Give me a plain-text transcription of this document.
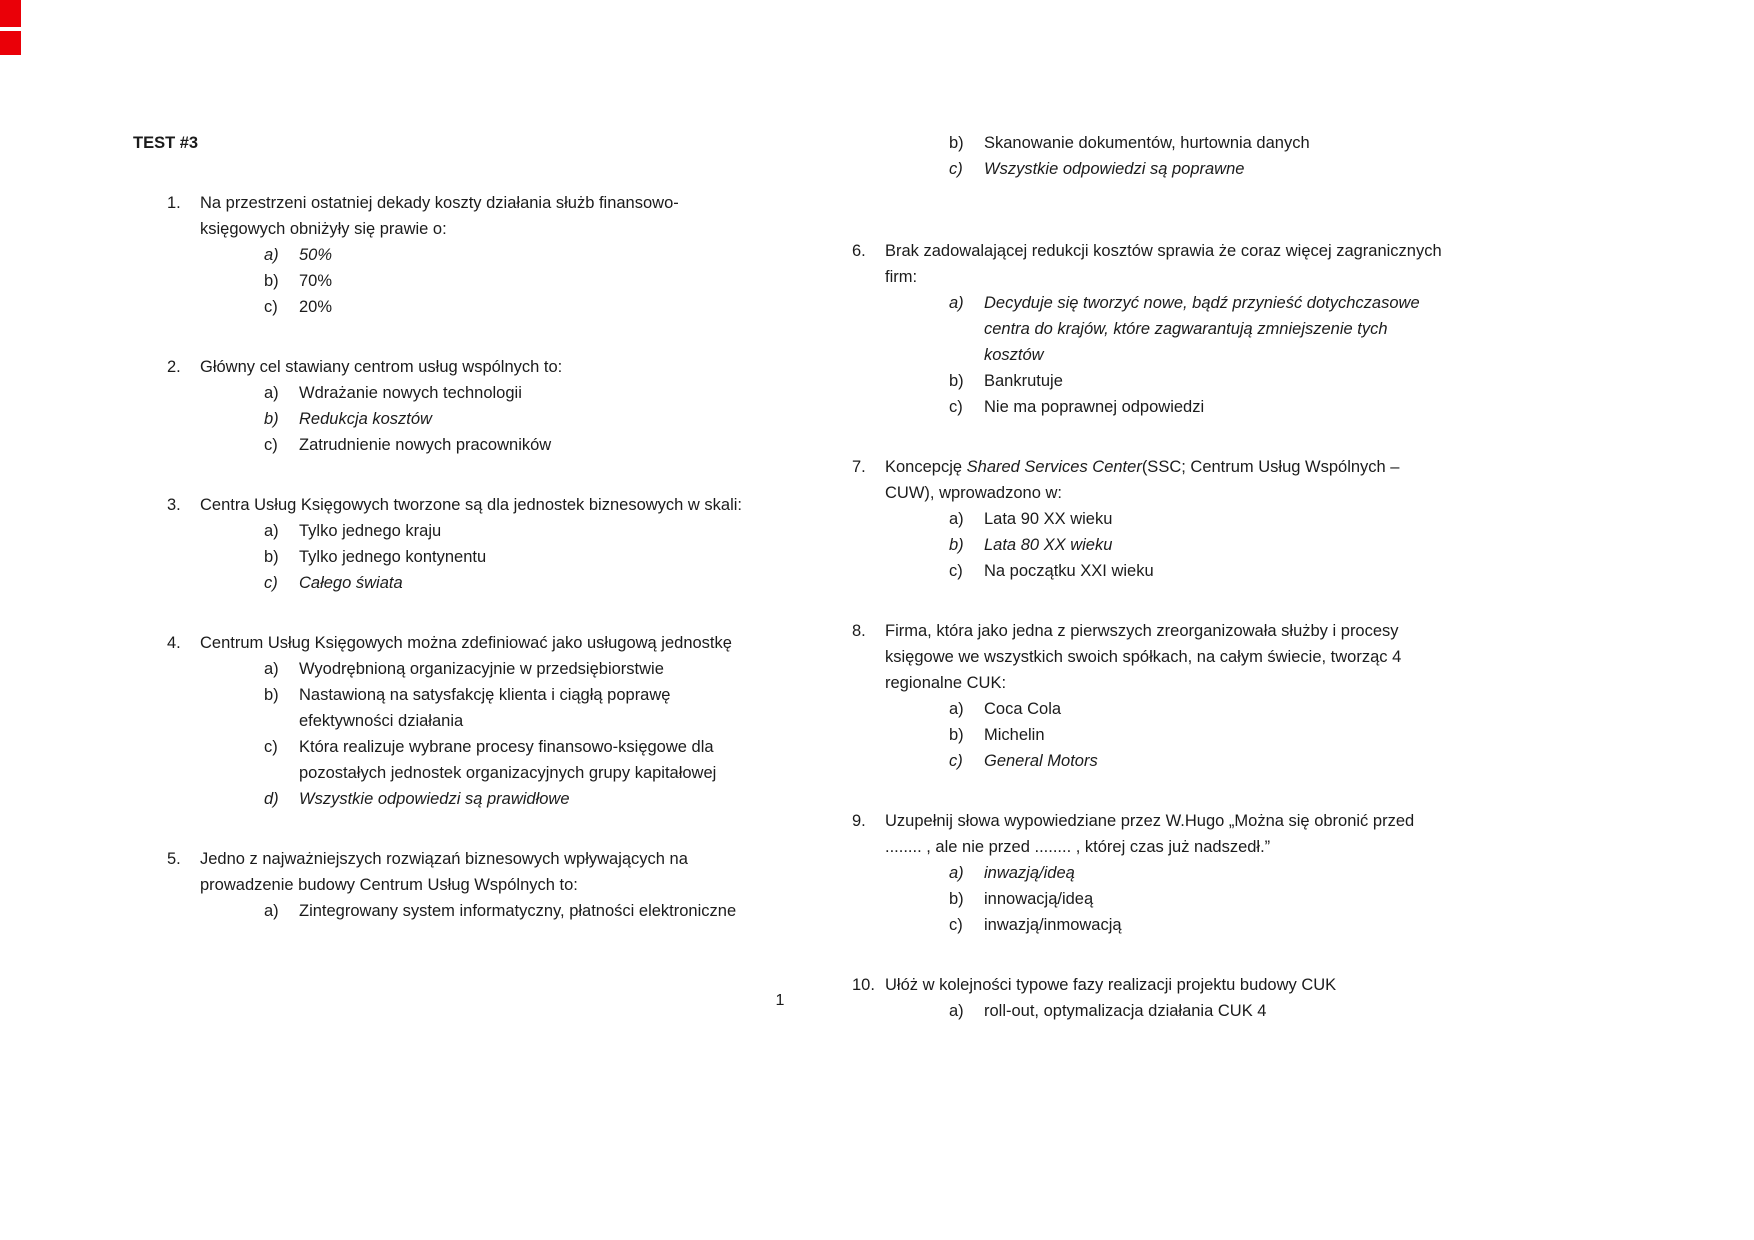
TEST #3
1.	Na przestrzeni ostatniej dekady koszty działania służb finansowo-księgowych obniżyły się prawie o:
a)	50%
b)	70%
c)	20%
2.	Główny cel stawiany centrom usług wspólnych to:
a)	Wdrażanie nowych technologii
b)	Redukcja kosztów
c)	Zatrudnienie nowych pracowników
3.	Centra Usług Księgowych tworzone są dla jednostek biznesowych w skali:
a)	Tylko jednego kraju
b)	Tylko jednego kontynentu
c)	Całego świata
4.	Centrum Usług Księgowych można zdefiniować jako usługową jednostkę
a)	Wyodrębnioną organizacyjnie w przedsiębiorstwie
b)	Nastawioną na satysfakcję klienta i ciągłą poprawę efektywności działania
c)	Która realizuje wybrane procesy finansowo-księgowe dla pozostałych jednostek organizacyjnych grupy kapitałowej
d)	Wszystkie odpowiedzi są prawidłowe
5.	Jedno z najważniejszych rozwiązań biznesowych wpływających na prowadzenie budowy Centrum Usług Wspólnych to:
a)	Zintegrowany system informatyczny, płatności elektroniczne
b)	Skanowanie dokumentów, hurtownia danych
c)	Wszystkie odpowiedzi są poprawne
6.	Brak zadowalającej redukcji kosztów sprawia że coraz więcej zagranicznych firm:
a)	Decyduje się tworzyć nowe, bądź przynieść dotychczasowe centra do krajów, które zagwarantują zmniejszenie tych kosztów
b)	Bankrutuje
c)	Nie ma poprawnej odpowiedzi
7.	Koncepcję Shared Services Center(SSC; Centrum Usług Wspólnych – CUW), wprowadzono w:
a)	Lata 90 XX wieku
b)	Lata 80 XX wieku
c)	Na początku XXI wieku
8.	Firma, która jako jedna z pierwszych zreorganizowała służby i procesy księgowe we wszystkich swoich spółkach, na całym świecie, tworząc 4 regionalne CUK:
a)	Coca Cola
b)	Michelin
c)	General Motors
9.	Uzupełnij słowa wypowiedziane przez W.Hugo „Można się obronić przed ........ , ale nie przed ........ , której czas już nadszedł.”
a)	inwazją/ideą
b)	innowacją/ideą
c)	inwazją/inmowacją
10. Ułóż w kolejności typowe fazy realizacji projektu budowy CUK
a)	roll-out, optymalizacja działania CUK 4
1
